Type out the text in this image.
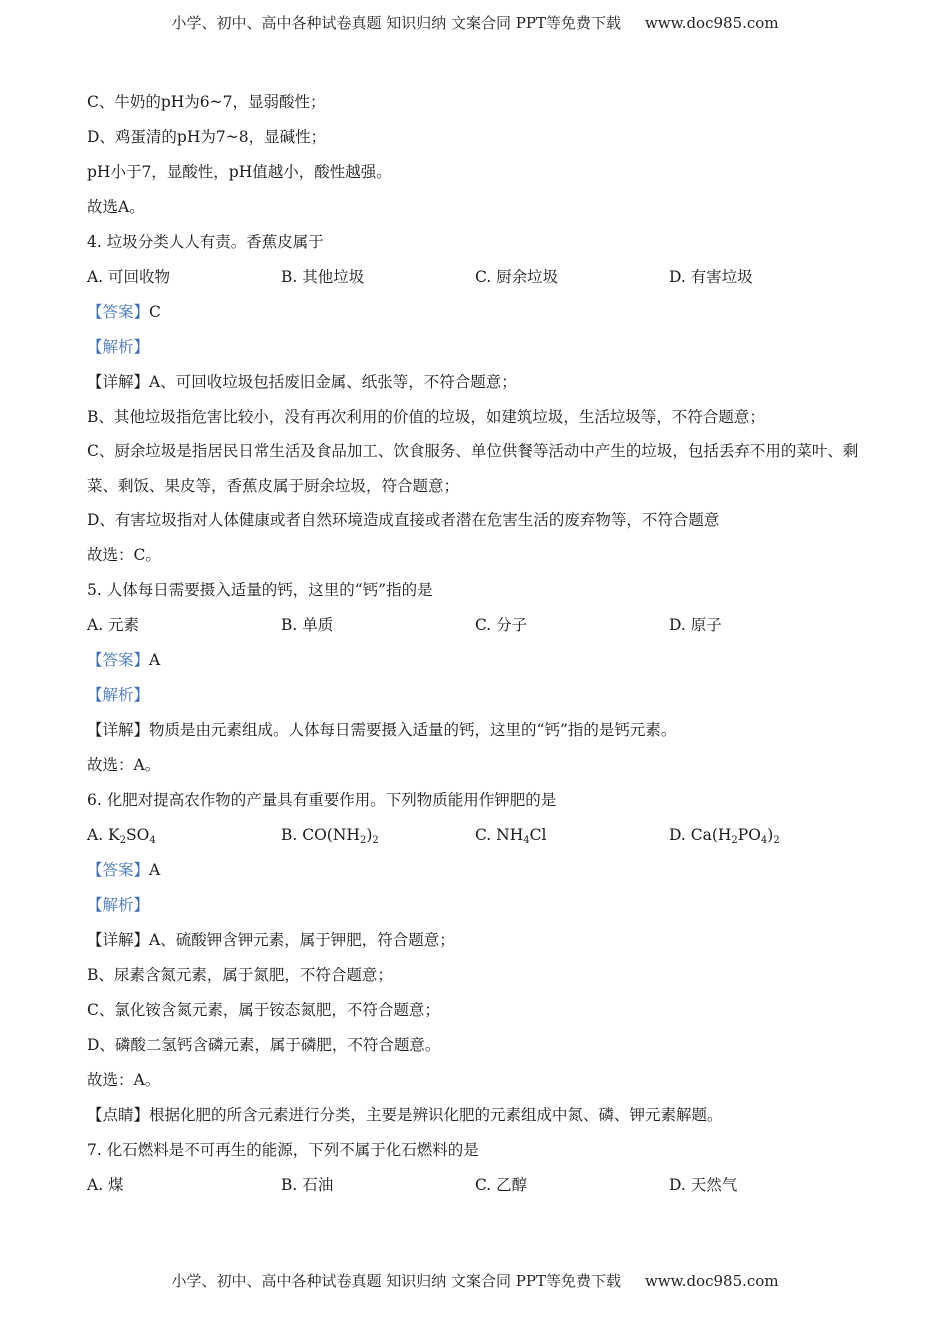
小学、初中、高中各种试卷真题 知识归纳 文案合同 PPT等免费下载 www.doc985.com

C、牛奶的pH为6~7，显弱酸性；

D、鸡蛋清的pH为7~8，显碱性；

pH小于7，显酸性，pH值越小，酸性越强。

故选A。

4. 垃圾分类人人有责。香蕉皮属于

A. 可回收物	B. 其他垃圾	C. 厨余垃圾	D. 有害垃圾

【答案】C

【解析】

【详解】A、可回收垃圾包括废旧金属、纸张等，不符合题意；

B、其他垃圾指危害比较小，没有再次利用的价值的垃圾，如建筑垃圾，生活垃圾等，不符合题意；

C、厨余垃圾是指居民日常生活及食品加工、饮食服务、单位供餐等活动中产生的垃圾，包括丢弃不用的菜叶、剩菜、剩饭、果皮等，香蕉皮属于厨余垃圾，符合题意；

D、有害垃圾指对人体健康或者自然环境造成直接或者潜在危害生活的废弃物等，不符合题意

故选：C。

5. 人体每日需要摄入适量的钙，这里的“钙”指的是

A. 元素	B. 单质	C. 分子	D. 原子

【答案】A

【解析】

【详解】物质是由元素组成。人体每日需要摄入适量的钙，这里的“钙”指的是钙元素。

故选：A。

6. 化肥对提高农作物的产量具有重要作用。下列物质能用作钾肥的是

A. $K_2SO_4$	B. $CO(NH_2)_2$	C. $NH_4Cl$	D. $Ca(H_2PO_4)_2$

【答案】A

【解析】

【详解】A、硫酸钾含钾元素，属于钾肥，符合题意；

B、尿素含氮元素，属于氮肥，不符合题意；

C、氯化铵含氮元素，属于铵态氮肥，不符合题意；

D、磷酸二氢钙含磷元素，属于磷肥，不符合题意。

故选：A。

【点睛】根据化肥的所含元素进行分类，主要是辨识化肥的元素组成中氮、磷、钾元素解题。

7. 化石燃料是不可再生的能源，下列不属于化石燃料的是

A. 煤	B. 石油	C. 乙醇	D. 天然气
小学、初中、高中各种试卷真题 知识归纳 文案合同 PPT等免费下载 www.doc985.com
